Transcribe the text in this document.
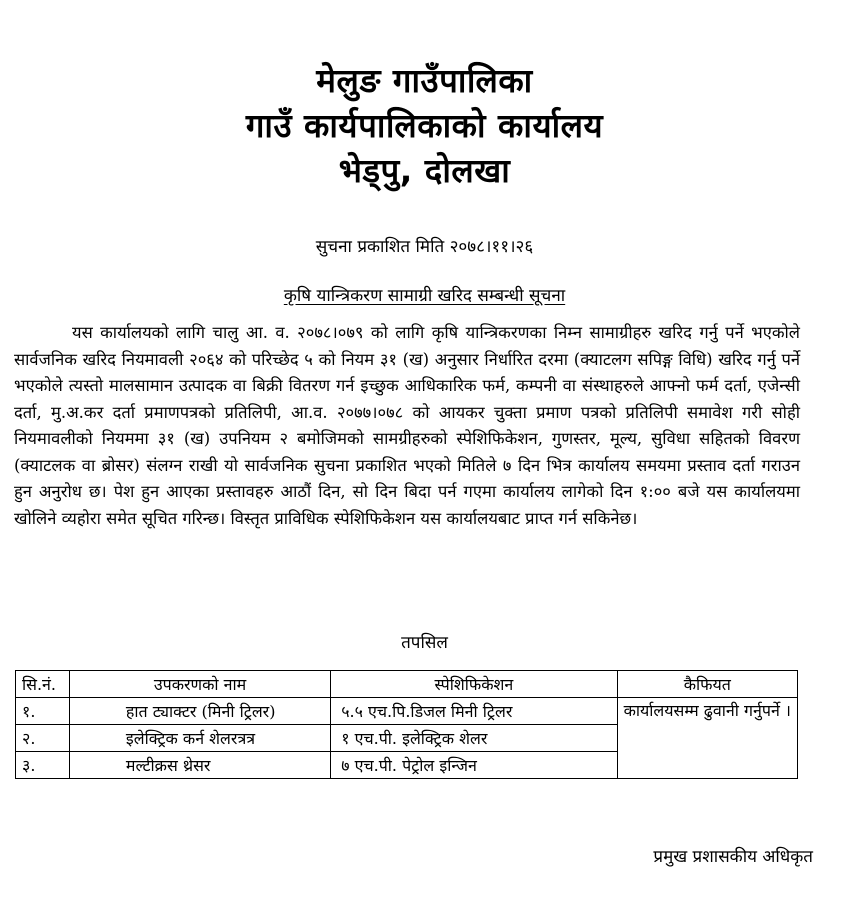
मेलुङ गाउँपालिका
गाउँ कार्यपालिकाको कार्यालय
भेड्पु, दोलखा
सुचना प्रकाशित मिति २०७८।११।२६
कृषि यान्त्रिकरण सामाग्री खरिद सम्बन्धी सूचना

यस कार्यालयको लागि चालु आ. व. २०७८।०७९ को लागि कृषि यान्त्रिकरणका निम्न सामाग्रीहरु खरिद गर्नु पर्ने भएकोले सार्वजनिक खरिद नियमावली २०६४ को परिच्छेद ५ को नियम ३१ (ख) अनुसार निर्धारित दरमा (क्याटलग सपिङ्ग विधि) खरिद गर्नु पर्ने भएकोले त्यस्तो मालसामान उत्पादक वा बिक्री वितरण गर्न इच्छुक आधिकारिक फर्म, कम्पनी वा संस्थाहरुले आफ्नो फर्म दर्ता, एजेन्सी दर्ता, मु.अ.कर दर्ता प्रमाणपत्रको प्रतिलिपी, आ.व. २०७७।०७८ को आयकर चुक्ता प्रमाण पत्रको प्रतिलिपी समावेश गरी सोही नियमावलीको नियममा ३१ (ख) उपनियम २ बमोजिमको सामग्रीहरुको स्पेशिफिकेशन, गुणस्तर, मूल्य, सुविधा सहितको विवरण (क्याटलक वा ब्रोसर) संलग्न राखी यो सार्वजनिक सुचना प्रकाशित भएको मितिले ७ दिन भित्र कार्यालय समयमा प्रस्ताव दर्ता गराउन हुन अनुरोध छ। पेश हुन आएका प्रस्तावहरु आठौं दिन, सो दिन बिदा पर्न गएमा कार्यालय लागेको दिन १:०० बजे यस कार्यालयमा खोलिने व्यहोरा समेत सूचित गरिन्छ। विस्तृत प्राविधिक स्पेशिफिकेशन यस कार्यालयबाट प्राप्त गर्न सकिनेछ।

तपसिल
सि.नं.	उपकरणको नाम	स्पेशिफिकेशन	कैफियत
१.	हात ट्याक्टर (मिनी ट्रिलर)	५.५ एच.पि.डिजल मिनी ट्रिलर	कार्यालयसम्म ढुवानी गर्नुपर्ने ।
२.	इलेक्ट्रिक कर्न शेलरत्रत्र	१ एच.पी. इलेक्ट्रिक शेलर	
३.	मल्टीक्रस थ्रेसर	७ एच.पी. पेट्रोल इन्जिन	
प्रमुख प्रशासकीय अधिकृत
